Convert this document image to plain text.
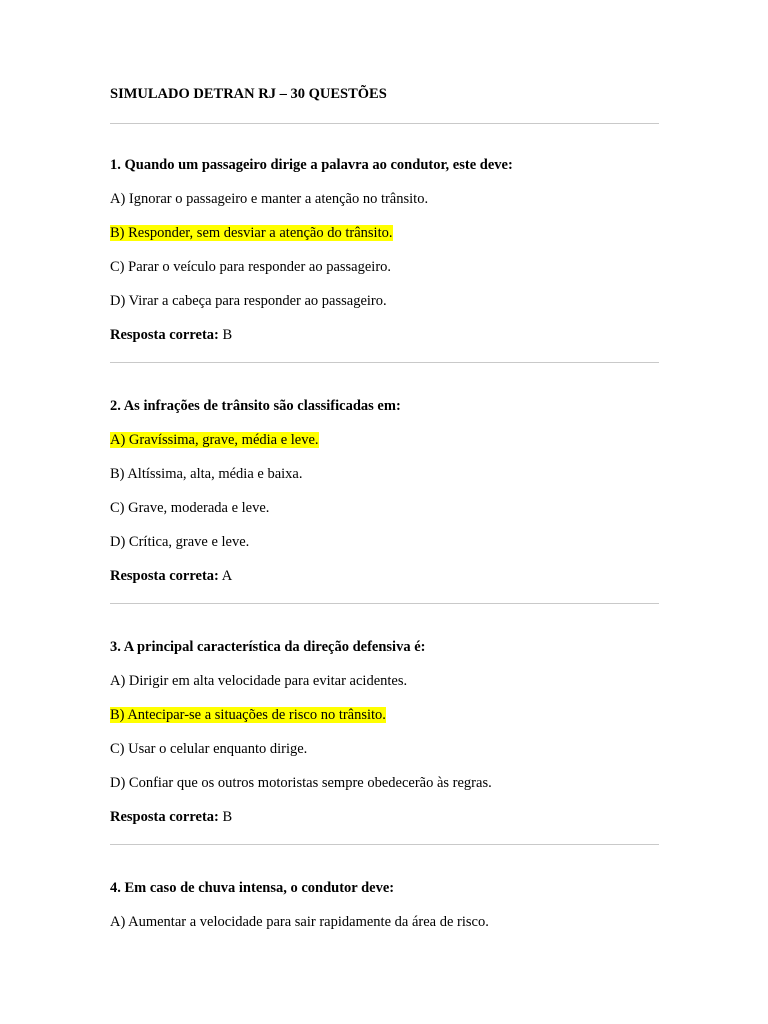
SIMULADO DETRAN RJ – 30 QUESTÕES

1. Quando um passageiro dirige a palavra ao condutor, este deve:

A) Ignorar o passageiro e manter a atenção no trânsito.

B) Responder, sem desviar a atenção do trânsito.

C) Parar o veículo para responder ao passageiro.

D) Virar a cabeça para responder ao passageiro.

Resposta correta: B

2. As infrações de trânsito são classificadas em:

A) Gravíssima, grave, média e leve.

B) Altíssima, alta, média e baixa.

C) Grave, moderada e leve.

D) Crítica, grave e leve.

Resposta correta: A

3. A principal característica da direção defensiva é:

A) Dirigir em alta velocidade para evitar acidentes.

B) Antecipar-se a situações de risco no trânsito.

C) Usar o celular enquanto dirige.

D) Confiar que os outros motoristas sempre obedecerão às regras.

Resposta correta: B

4. Em caso de chuva intensa, o condutor deve:

A) Aumentar a velocidade para sair rapidamente da área de risco.
